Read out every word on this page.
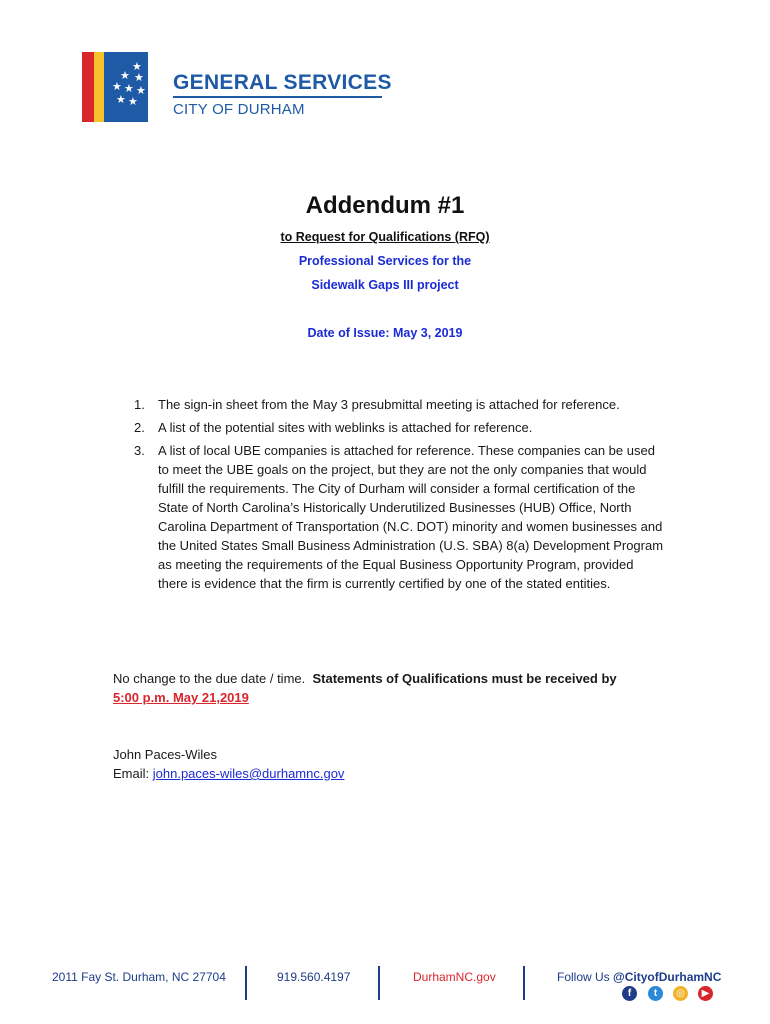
★
★ ★
★ ★ ★
★ ★
GENERAL SERVICES
CITY OF DURHAM
Addendum #1
to Request for Qualifications (RFQ)
Professional Services for the
Sidewalk Gaps III project
Date of Issue: May 3, 2019
1. The sign-in sheet from the May 3 presubmittal meeting is attached for reference.
2. A list of the potential sites with weblinks is attached for reference.
3. A list of local UBE companies is attached for reference. These companies can be used to meet the UBE goals on the project, but they are not the only companies that would fulfill the requirements. The City of Durham will consider a formal certification of the State of North Carolina’s Historically Underutilized Businesses (HUB) Office, North Carolina Department of Transportation (N.C. DOT) minority and women businesses and the United States Small Business Administration (U.S. SBA) 8(a) Development Program as meeting the requirements of the Equal Business Opportunity Program, provided there is evidence that the firm is currently certified by one of the stated entities.
No change to the due date / time. Statements of Qualifications must be received by
5:00 p.m. May 21,2019
John Paces-Wiles
Email: john.paces-wiles@durhamnc.gov
2011 Fay St. Durham, NC 27704	919.560.4197	DurhamNC.gov	Follow Us @CityofDurhamNC
f	t	◎	▶
